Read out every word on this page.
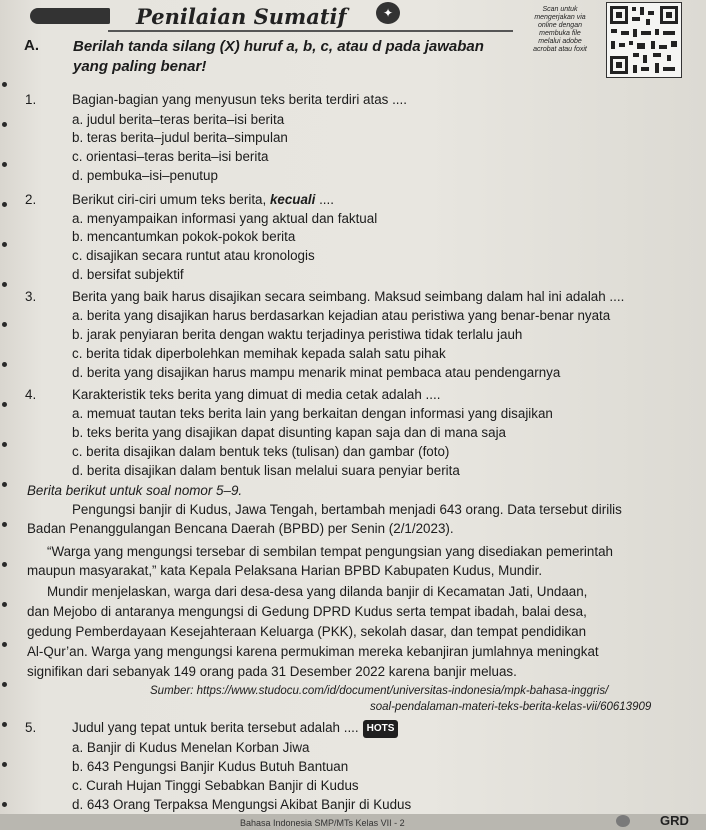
Penilaian Sumatif	✦	Scan untuk
mengerjakan via
online dengan
membuka file
melalui adobe
acrobat atau foxit
A. Berilah tanda silang (X) huruf a, b, c, atau d pada jawaban
yang paling benar!
1.	Bagian-bagian yang menyusun teks berita terdiri atas ....
a. judul berita–teras berita–isi berita
b. teras berita–judul berita–simpulan
c. orientasi–teras berita–isi berita
d. pembuka–isi–penutup
2.	Berikut ciri-ciri umum teks berita, kecuali ....
a. menyampaikan informasi yang aktual dan faktual
b. mencantumkan pokok-pokok berita
c. disajikan secara runtut atau kronologis
d. bersifat subjektif
3.	Berita yang baik harus disajikan secara seimbang. Maksud seimbang dalam hal ini adalah ....
a. berita yang disajikan harus berdasarkan kejadian atau peristiwa yang benar-benar nyata
b. jarak penyiaran berita dengan waktu terjadinya peristiwa tidak terlalu jauh
c. berita tidak diperbolehkan memihak kepada salah satu pihak
d. berita yang disajikan harus mampu menarik minat pembaca atau pendengarnya
4.	Karakteristik teks berita yang dimuat di media cetak adalah ....
a. memuat tautan teks berita lain yang berkaitan dengan informasi yang disajikan
b. teks berita yang disajikan dapat disunting kapan saja dan di mana saja
c. berita disajikan dalam bentuk teks (tulisan) dan gambar (foto)
d. berita disajikan dalam bentuk lisan melalui suara penyiar berita
Berita berikut untuk soal nomor 5–9.
Pengungsi banjir di Kudus, Jawa Tengah, bertambah menjadi 643 orang. Data tersebut dirilis
Badan Penanggulangan Bencana Daerah (BPBD) per Senin (2/1/2023).
“Warga yang mengungsi tersebar di sembilan tempat pengungsian yang disediakan pemerintah
maupun masyarakat,” kata Kepala Pelaksana Harian BPBD Kabupaten Kudus, Mundir.
Mundir menjelaskan, warga dari desa-desa yang dilanda banjir di Kecamatan Jati, Undaan,
dan Mejobo di antaranya mengungsi di Gedung DPRD Kudus serta tempat ibadah, balai desa,
gedung Pemberdayaan Kesejahteraan Keluarga (PKK), sekolah dasar, dan tempat pendidikan
Al-Qur’an. Warga yang mengungsi karena permukiman mereka kebanjiran jumlahnya meningkat
signifikan dari sebanyak 149 orang pada 31 Desember 2022 karena banjir meluas.
Sumber: https://www.studocu.com/id/document/universitas-indonesia/mpk-bahasa-inggris/
soal-pendalaman-materi-teks-berita-kelas-vii/60613909
5.	Judul yang tepat untuk berita tersebut adalah .... HOTS
a. Banjir di Kudus Menelan Korban Jiwa
b. 643 Pengungsi Banjir Kudus Butuh Bantuan
c. Curah Hujan Tinggi Sebabkan Banjir di Kudus
d. 643 Orang Terpaksa Mengungsi Akibat Banjir di Kudus
Bahasa Indonesia SMP/MTs Kelas VII - 2	GRD
